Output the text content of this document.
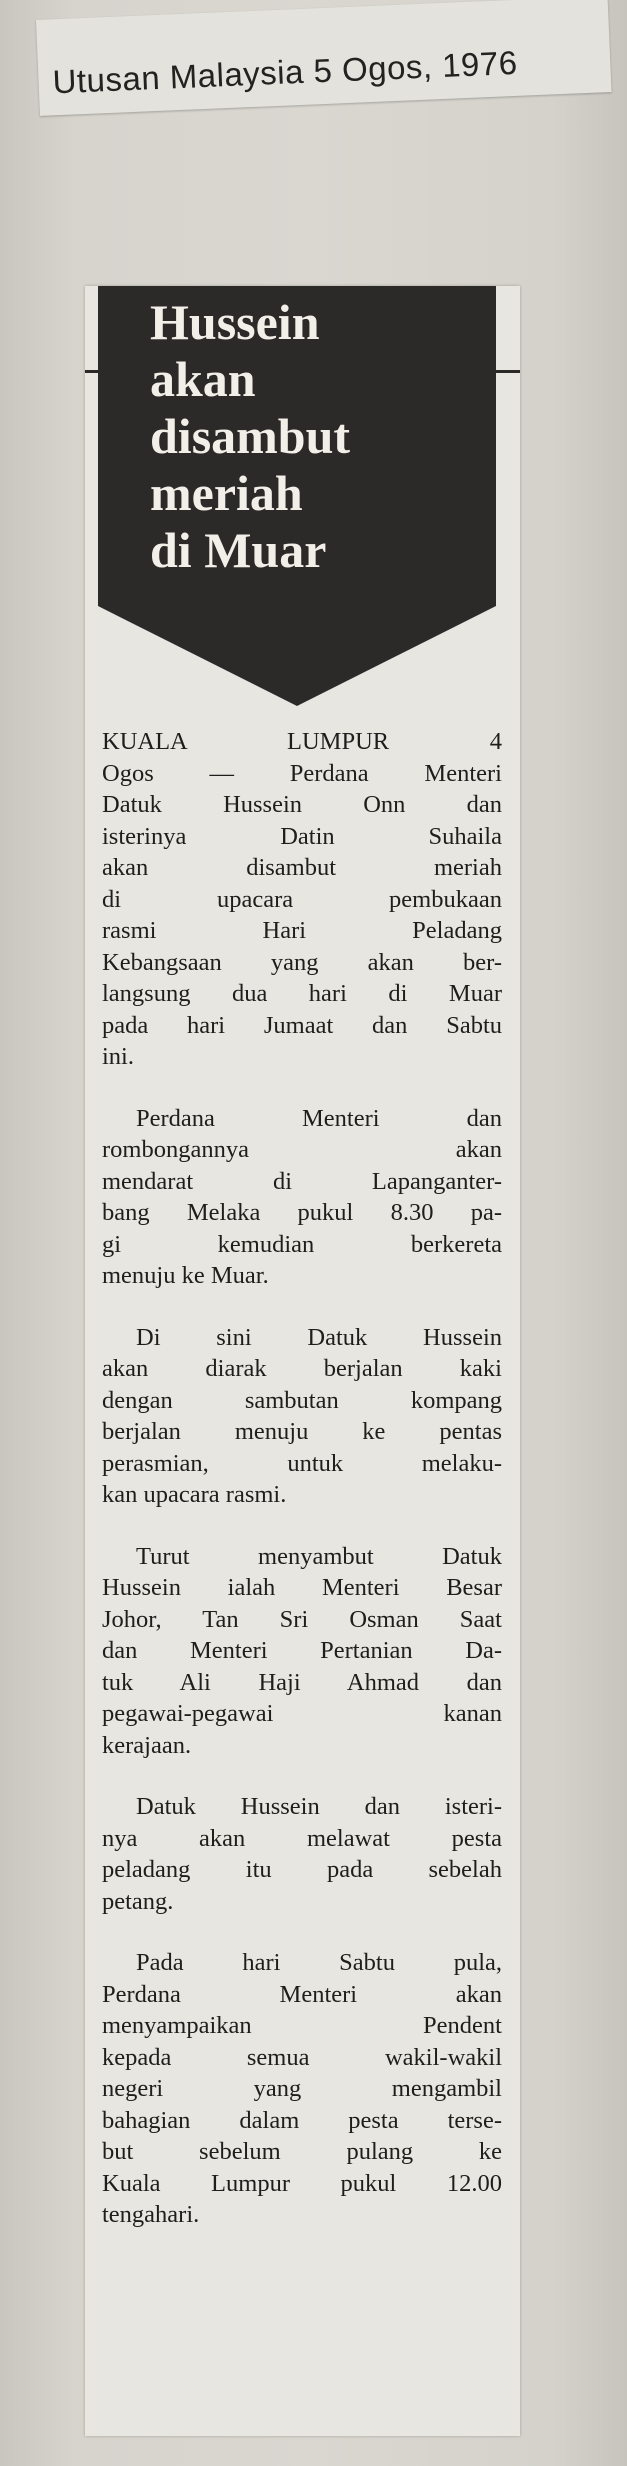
Utusan Malaysia 5 Ogos, 1976
Hussein
akan
disambut
meriah
di Muar

KUALA LUMPUR 4
Ogos — Perdana Menteri
Datuk Hussein Onn dan
isterinya Datin Suhaila
akan disambut meriah
di upacara pembukaan
rasmi Hari Peladang
Kebangsaan yang akan ber-
langsung dua hari di Muar
pada hari Jumaat dan Sabtu
ini.

Perdana Menteri dan
rombongannya akan
mendarat di Lapanganter-
bang Melaka pukul 8.30 pa-
gi kemudian berkereta
menuju ke Muar.

Di sini Datuk Hussein
akan diarak berjalan kaki
dengan sambutan kompang
berjalan menuju ke pentas
perasmian, untuk melaku-
kan upacara rasmi.

Turut menyambut Datuk
Hussein ialah Menteri Besar
Johor, Tan Sri Osman Saat
dan Menteri Pertanian Da-
tuk Ali Haji Ahmad dan
pegawai-pegawai kanan
kerajaan.

Datuk Hussein dan isteri-
nya akan melawat pesta
peladang itu pada sebelah
petang.

Pada hari Sabtu pula,
Perdana Menteri akan
menyampaikan Pendent
kepada semua wakil-wakil
negeri yang mengambil
bahagian dalam pesta terse-
but sebelum pulang ke
Kuala Lumpur pukul 12.00
tengahari.
